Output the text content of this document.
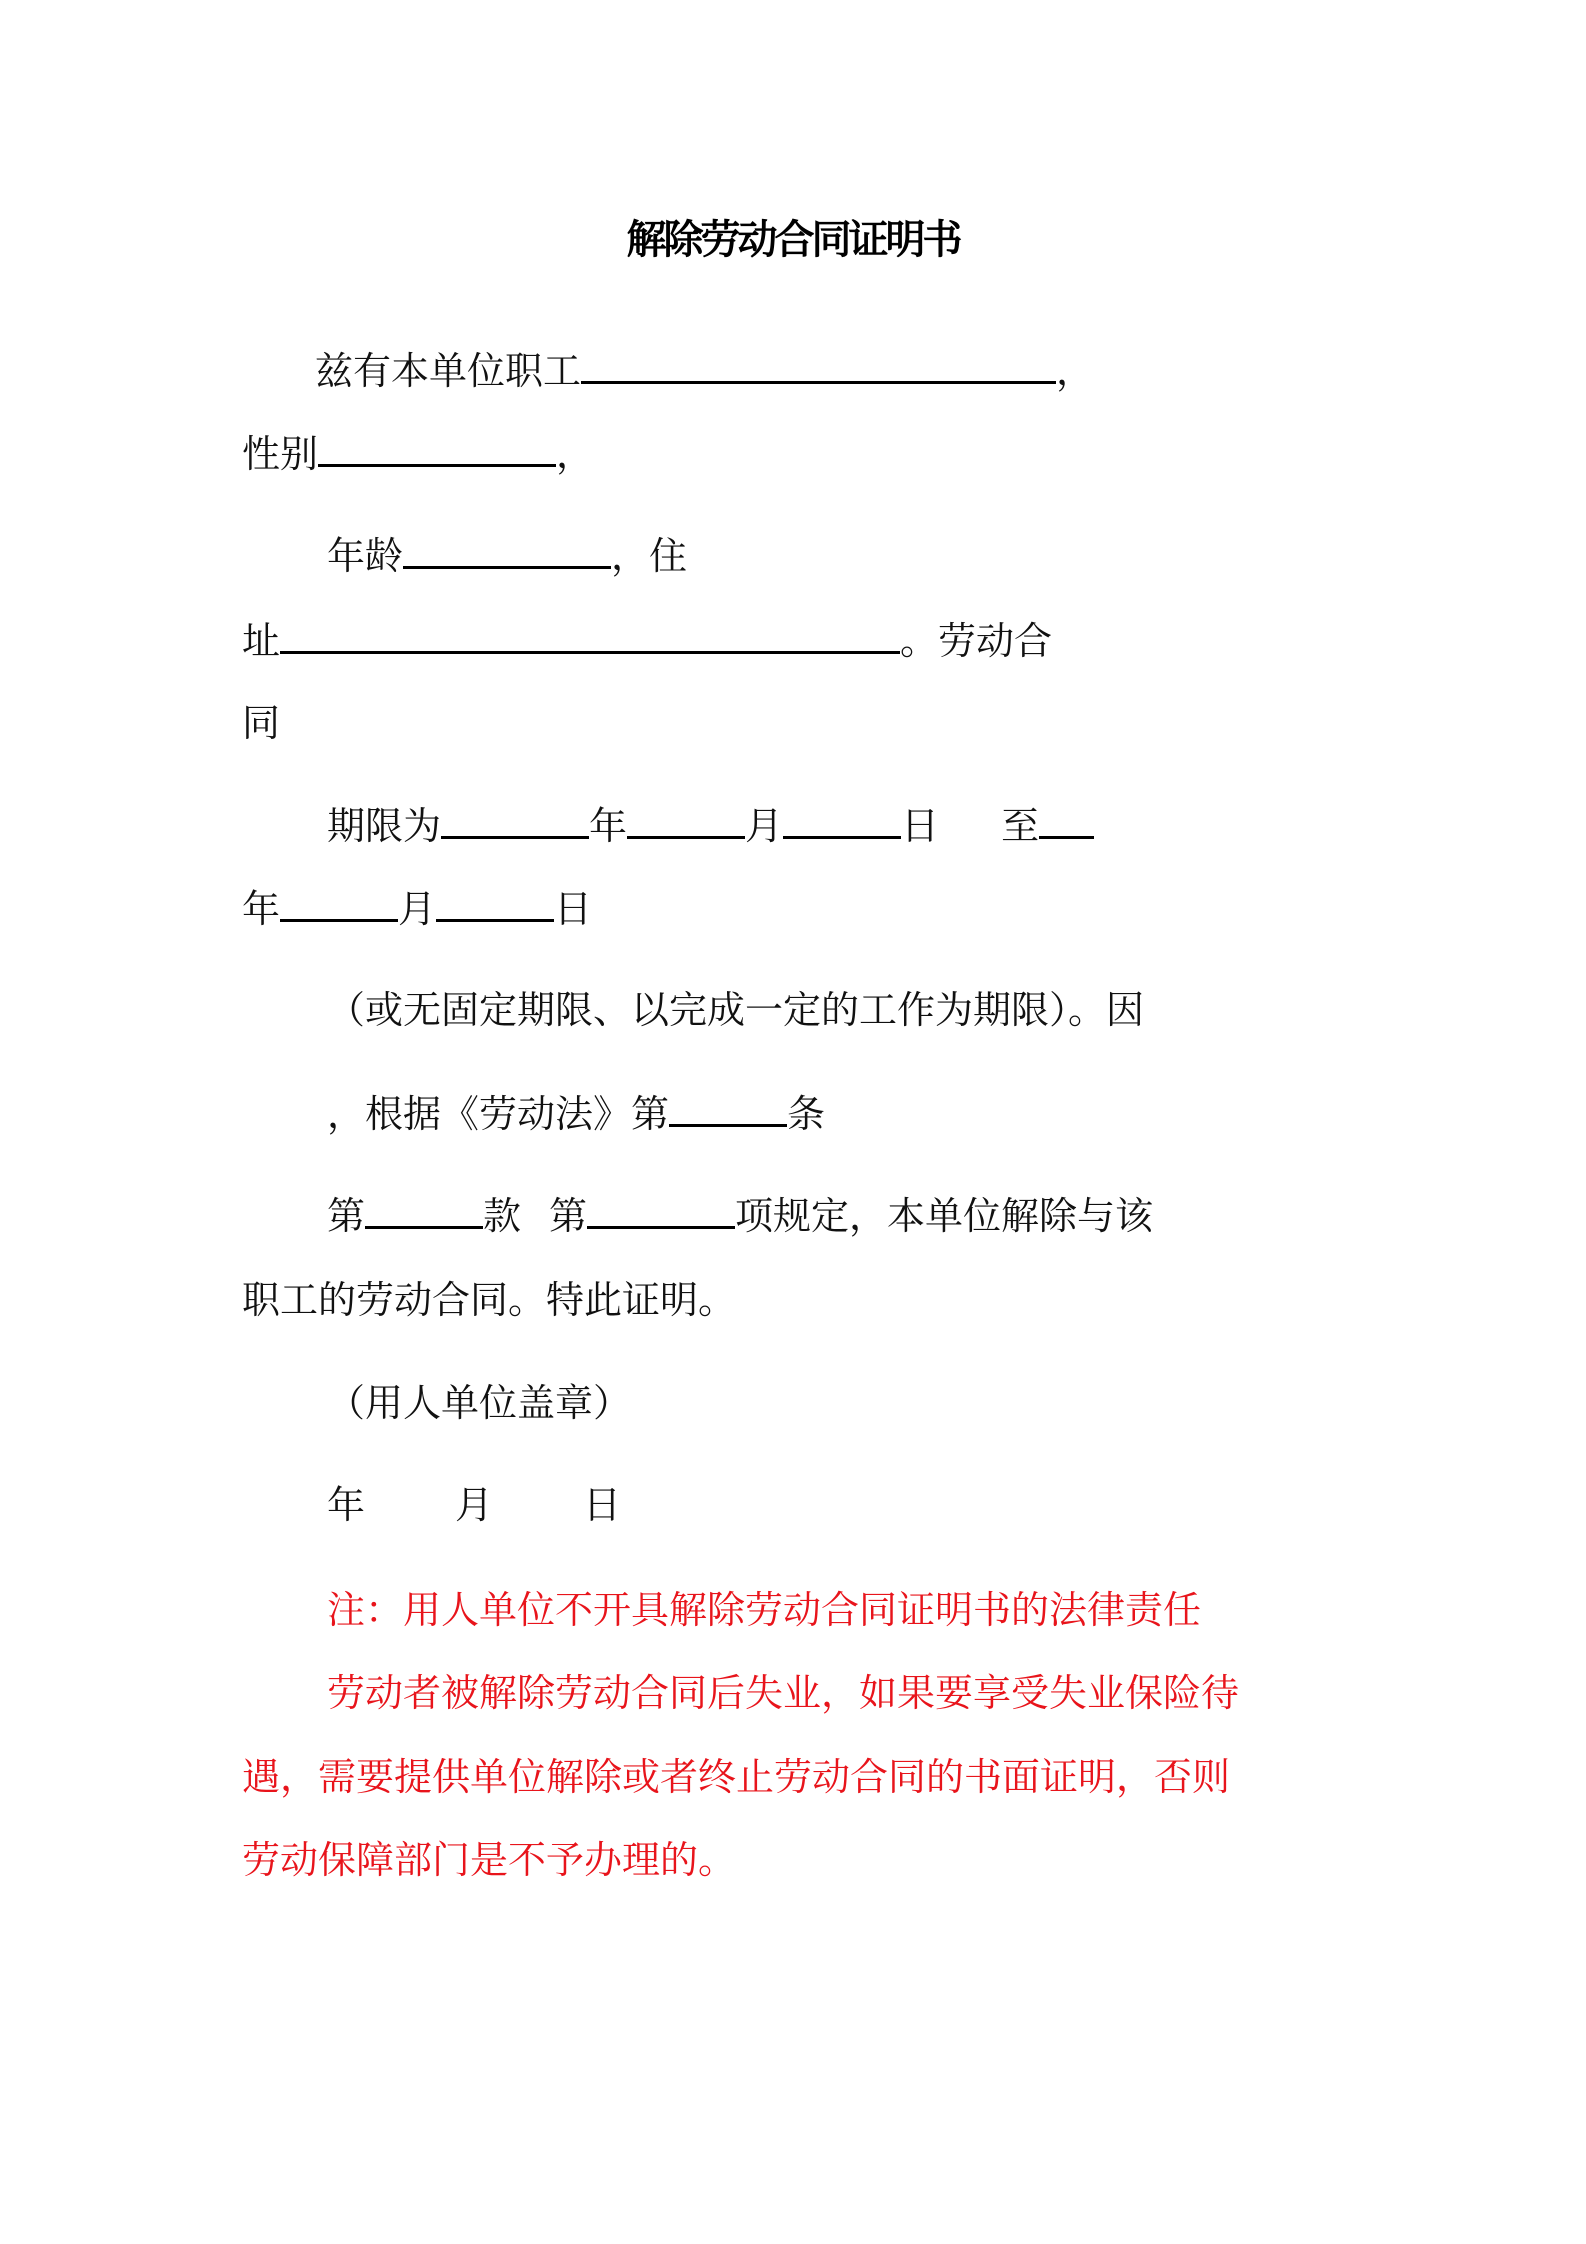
解除劳动合同证明书
兹有本单位职工	，
性别	，
年龄	，住
址	。劳动合
同
期限为	年	月	日 至
年	月	日
（或无固定期限、以完成一定的工作为期限）。因
，根据《劳动法》第	条
第	款 第	项规定，本单位解除与该
职工的劳动合同。特此证明。
（用人单位盖章）
年 月 日
注：用人单位不开具解除劳动合同证明书的法律责任
劳动者被解除劳动合同后失业，如果要享受失业保险待
遇，需要提供单位解除或者终止劳动合同的书面证明，否则
劳动保障部门是不予办理的。
